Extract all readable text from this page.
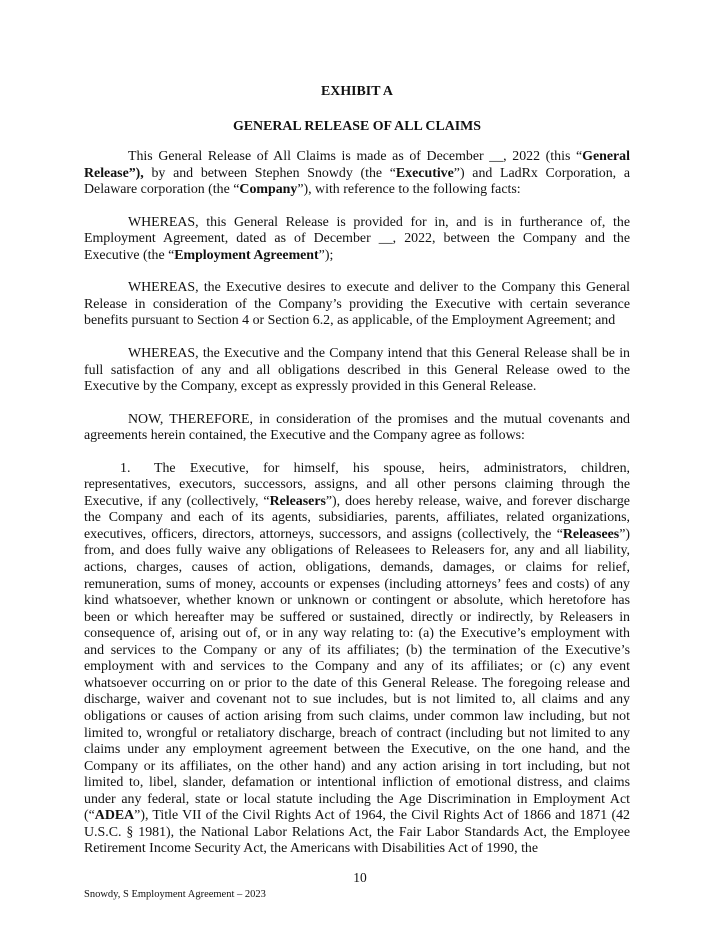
EXHIBIT A

GENERAL RELEASE OF ALL CLAIMS

This General Release of All Claims is made as of December __, 2022 (this “General Release”), by and between Stephen Snowdy (the “Executive”) and LadRx Corporation, a Delaware corporation (the “Company”), with reference to the following facts:

WHEREAS, this General Release is provided for in, and is in furtherance of, the Employment Agreement, dated as of December __, 2022, between the Company and the Executive (the “Employment Agreement”);

WHEREAS, the Executive desires to execute and deliver to the Company this General Release in consideration of the Company’s providing the Executive with certain severance benefits pursuant to Section 4 or Section 6.2, as applicable, of the Employment Agreement; and

WHEREAS, the Executive and the Company intend that this General Release shall be in full satisfaction of any and all obligations described in this General Release owed to the Executive by the Company, except as expressly provided in this General Release.

NOW, THEREFORE, in consideration of the promises and the mutual covenants and agreements herein contained, the Executive and the Company agree as follows:

1. The Executive, for himself, his spouse, heirs, administrators, children, representatives, executors, successors, assigns, and all other persons claiming through the Executive, if any (collectively, “Releasers”), does hereby release, waive, and forever discharge the Company and each of its agents, subsidiaries, parents, affiliates, related organizations, executives, officers, directors, attorneys, successors, and assigns (collectively, the “Releasees”) from, and does fully waive any obligations of Releasees to Releasers for, any and all liability, actions, charges, causes of action, obligations, demands, damages, or claims for relief, remuneration, sums of money, accounts or expenses (including attorneys’ fees and costs) of any kind whatsoever, whether known or unknown or contingent or absolute, which heretofore has been or which hereafter may be suffered or sustained, directly or indirectly, by Releasers in consequence of, arising out of, or in any way relating to: (a) the Executive’s employment with and services to the Company or any of its affiliates; (b) the termination of the Executive’s employment with and services to the Company and any of its affiliates; or (c) any event whatsoever occurring on or prior to the date of this General Release. The foregoing release and discharge, waiver and covenant not to sue includes, but is not limited to, all claims and any obligations or causes of action arising from such claims, under common law including, but not limited to, wrongful or retaliatory discharge, breach of contract (including but not limited to any claims under any employment agreement between the Executive, on the one hand, and the Company or its affiliates, on the other hand) and any action arising in tort including, but not limited to, libel, slander, defamation or intentional infliction of emotional distress, and claims under any federal, state or local statute including the Age Discrimination in Employment Act (“ADEA”), Title VII of the Civil Rights Act of 1964, the Civil Rights Act of 1866 and 1871 (42 U.S.C. § 1981), the National Labor Relations Act, the Fair Labor Standards Act, the Employee Retirement Income Security Act, the Americans with Disabilities Act of 1990, the

10
Snowdy, S Employment Agreement – 2023
